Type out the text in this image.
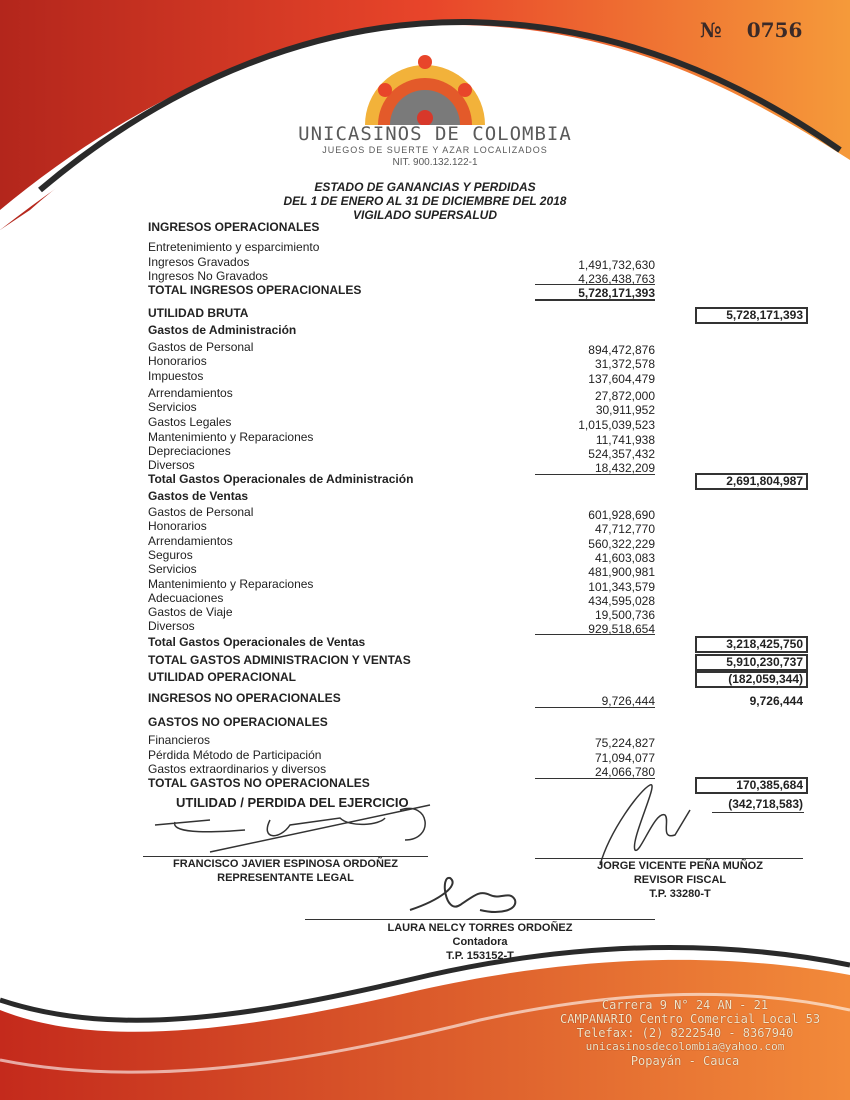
№ 0756
UNICASINOS DE COLOMBIA
JUEGOS DE SUERTE Y AZAR LOCALIZADOS
NIT. 900.132.122-1
ESTADO DE GANANCIAS Y PERDIDAS
DEL 1 DE ENERO AL 31 DE DICIEMBRE DEL 2018
VIGILADO SUPERSALUD
INGRESOS OPERACIONALES
Entretenimiento y esparcimiento
Ingresos Gravados	1,491,732,630
Ingresos No Gravados	4,236,438,763
TOTAL INGRESOS OPERACIONALES	5,728,171,393
UTILIDAD BRUTA	5,728,171,393
Gastos de Administración
Gastos de Personal	894,472,876
Honorarios	31,372,578
Impuestos	137,604,479
Arrendamientos	27,872,000
Servicios	30,911,952
Gastos Legales	1,015,039,523
Mantenimiento y Reparaciones	11,741,938
Depreciaciones	524,357,432
Diversos	18,432,209
Total Gastos Operacionales de Administración	2,691,804,987
Gastos de Ventas
Gastos de Personal	601,928,690
Honorarios	47,712,770
Arrendamientos	560,322,229
Seguros	41,603,083
Servicios	481,900,981
Mantenimiento y Reparaciones	101,343,579
Adecuaciones	434,595,028
Gastos de Viaje	19,500,736
Diversos	929,518,654
Total Gastos Operacionales de Ventas	3,218,425,750
TOTAL GASTOS ADMINISTRACION Y VENTAS	5,910,230,737
UTILIDAD OPERACIONAL	(182,059,344)
INGRESOS NO OPERACIONALES	9,726,444	9,726,444
GASTOS NO OPERACIONALES
Financieros	75,224,827
Pérdida Método de Participación	71,094,077
Gastos extraordinarios y diversos	24,066,780
TOTAL GASTOS NO OPERACIONALES	170,385,684
UTILIDAD / PERDIDA DEL EJERCICIO	(342,718,583)
FRANCISCO JAVIER ESPINOSA ORDOÑEZ
REPRESENTANTE LEGAL
JORGE VICENTE PEÑA MUÑOZ
REVISOR FISCAL
T.P. 33280-T
LAURA NELCY TORRES ORDOÑEZ
Contadora
T.P. 153152-T
Carrera 9 N° 24 AN - 21
CAMPANARIO Centro Comercial Local 53
Telefax: (2) 8222540 - 8367940
unicasinosdecolombia@yahoo.com
Popayán - Cauca
